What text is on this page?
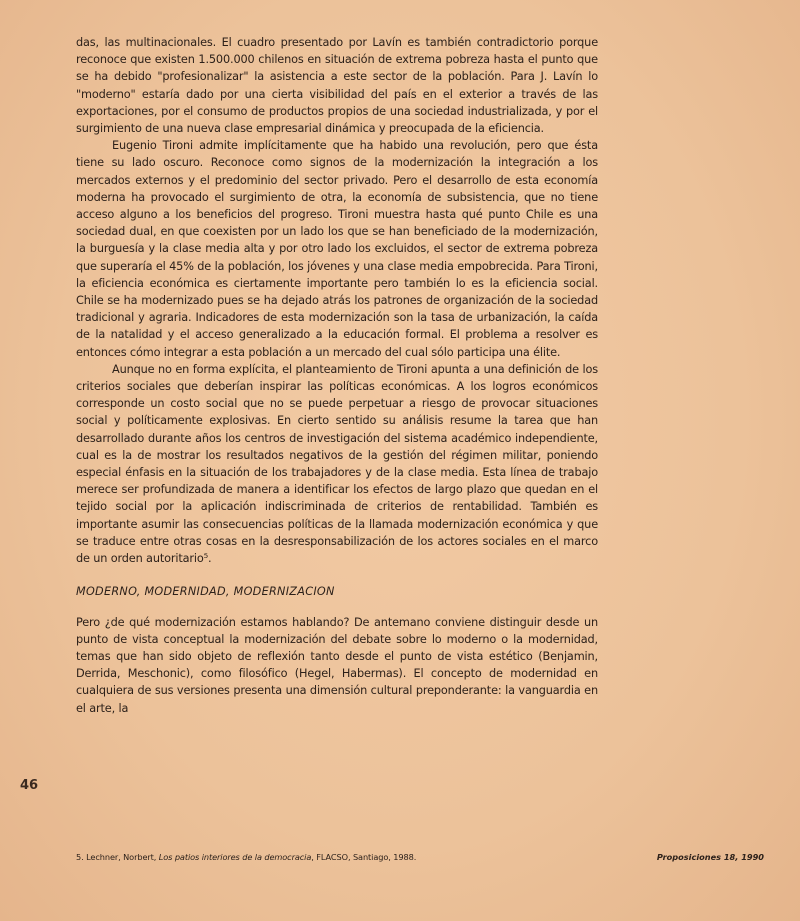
das, las multinacionales. El cuadro presentado por Lavín es también contradictorio porque reconoce que existen 1.500.000 chilenos en situación de extrema pobreza hasta el punto que se ha debido "profesionalizar" la asistencia a este sector de la población. Para J. Lavín lo "moderno" estaría dado por una cierta visibilidad del país en el exterior a través de las exportaciones, por el consumo de productos propios de una sociedad industrializada, y por el surgimiento de una nueva clase empresarial dinámica y preocupada de la eficiencia.

Eugenio Tironi admite implícitamente que ha habido una revolución, pero que ésta tiene su lado oscuro. Reconoce como signos de la modernización la integración a los mercados externos y el predominio del sector privado. Pero el desarrollo de esta economía moderna ha provocado el surgimiento de otra, la economía de subsistencia, que no tiene acceso alguno a los beneficios del progreso. Tironi muestra hasta qué punto Chile es una sociedad dual, en que coexisten por un lado los que se han beneficiado de la modernización, la burguesía y la clase media alta y por otro lado los excluidos, el sector de extrema pobreza que superaría el 45% de la población, los jóvenes y una clase media empobrecida. Para Tironi, la eficiencia económica es ciertamente importante pero también lo es la eficiencia social. Chile se ha modernizado pues se ha dejado atrás los patrones de organización de la sociedad tradicional y agraria. Indicadores de esta modernización son la tasa de urbanización, la caída de la natalidad y el acceso generalizado a la educación formal. El problema a resolver es entonces cómo integrar a esta población a un mercado del cual sólo participa una élite.

Aunque no en forma explícita, el planteamiento de Tironi apunta a una definición de los criterios sociales que deberían inspirar las políticas económicas. A los logros económicos corresponde un costo social que no se puede perpetuar a riesgo de provocar situaciones social y políticamente explosivas. En cierto sentido su análisis resume la tarea que han desarrollado durante años los centros de investigación del sistema académico independiente, cual es la de mostrar los resultados negativos de la gestión del régimen militar, poniendo especial énfasis en la situación de los trabajadores y de la clase media. Esta línea de trabajo merece ser profundizada de manera a identificar los efectos de largo plazo que quedan en el tejido social por la aplicación indiscriminada de criterios de rentabilidad. También es importante asumir las consecuencias políticas de la llamada modernización económica y que se traduce entre otras cosas en la desresponsabilización de los actores sociales en el marco de un orden autoritario⁵.

MODERNO, MODERNIDAD, MODERNIZACION

Pero ¿de qué modernización estamos hablando? De antemano conviene distinguir desde un punto de vista conceptual la modernización del debate sobre lo moderno o la modernidad, temas que han sido objeto de reflexión tanto desde el punto de vista estético (Benjamin, Derrida, Meschonic), como filosófico (Hegel, Habermas). El concepto de modernidad en cualquiera de sus versiones presenta una dimensión cultural preponderante: la vanguardia en el arte, la

46
5. Lechner, Norbert, Los patios interiores de la democracia, FLACSO, Santiago, 1988.	Proposiciones 18, 1990
